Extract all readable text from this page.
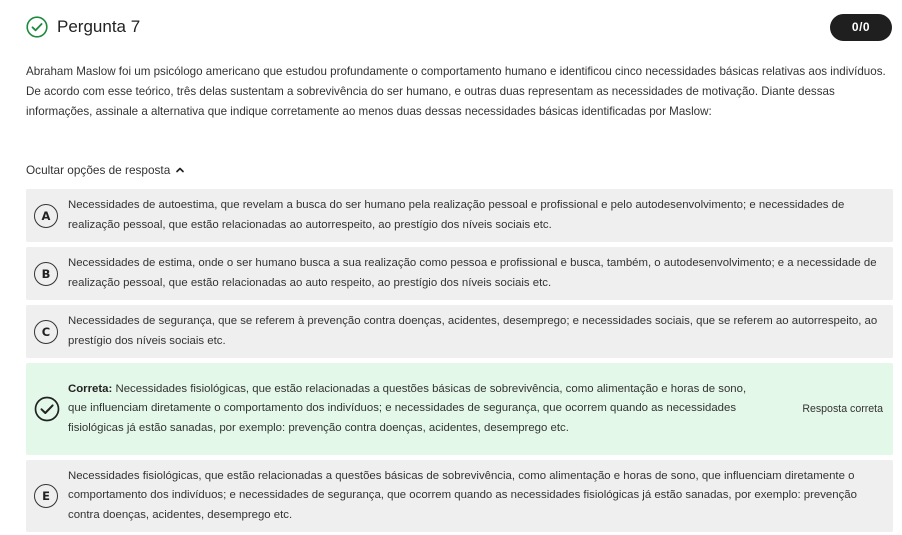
Pergunta 7	0/0

Abraham Maslow foi um psicólogo americano que estudou profundamente o comportamento humano e identificou cinco necessidades básicas relativas aos indivíduos. De acordo com esse teórico, três delas sustentam a sobrevivência do ser humano, e outras duas representam as necessidades de motivação. Diante dessas informações, assinale a alternativa que indique corretamente ao menos duas dessas necessidades básicas identificadas por Maslow:

Ocultar opções de resposta
A
Necessidades de autoestima, que revelam a busca do ser humano pela realização pessoal e profissional e pelo autodesenvolvimento; e necessidades de realização pessoal, que estão relacionadas ao autorrespeito, ao prestígio dos níveis sociais etc.
B
Necessidades de estima, onde o ser humano busca a sua realização como pessoa e profissional e busca, também, o autodesenvolvimento; e a necessidade de realização pessoal, que estão relacionadas ao auto respeito, ao prestígio dos níveis sociais etc.
C
Necessidades de segurança, que se referem à prevenção contra doenças, acidentes, desemprego; e necessidades sociais, que se referem ao autorrespeito, ao prestígio dos níveis sociais etc.
Correta: Necessidades fisiológicas, que estão relacionadas a questões básicas de sobrevivência, como alimentação e horas de sono, que influenciam diretamente o comportamento dos indivíduos; e necessidades de segurança, que ocorrem quando as necessidades fisiológicas já estão sanadas, por exemplo: prevenção contra doenças, acidentes, desemprego etc.
Resposta correta
E
Necessidades fisiológicas, que estão relacionadas a questões básicas de sobrevivência, como alimentação e horas de sono, que influenciam diretamente o comportamento dos indivíduos; e necessidades de segurança, que ocorrem quando as necessidades fisiológicas já estão sanadas, por exemplo: prevenção contra doenças, acidentes, desemprego etc.
